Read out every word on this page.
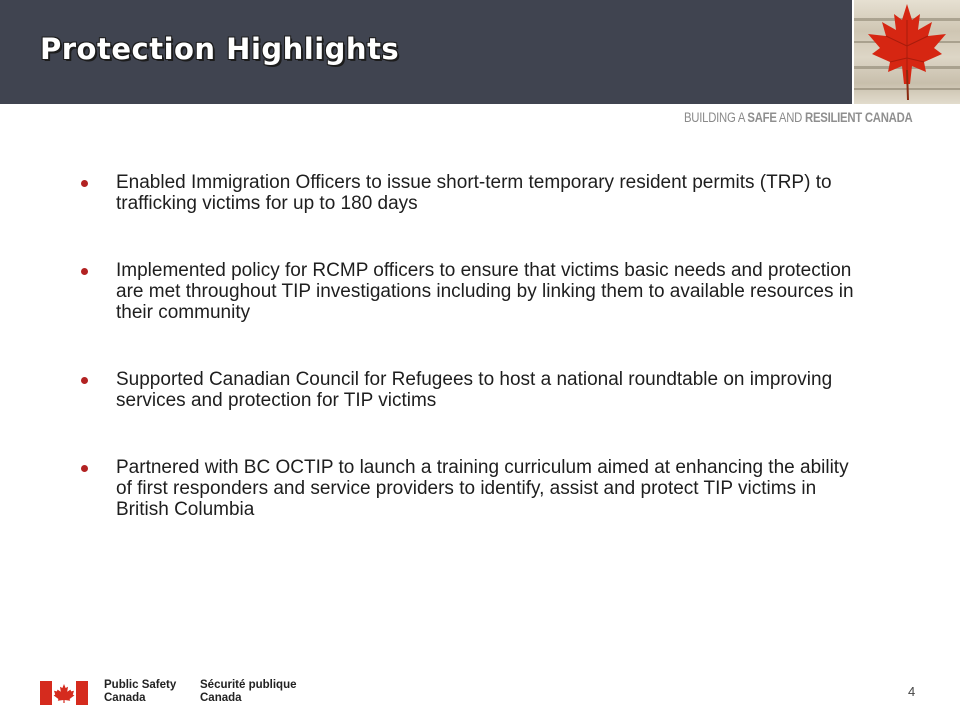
Protection Highlights
BUILDING A SAFE AND RESILIENT CANADA
Enabled Immigration Officers to issue short-term temporary resident permits (TRP) to trafficking victims for up to 180 days
Implemented policy for RCMP officers to ensure that victims basic needs and protection are met throughout TIP investigations including by linking them to available resources in their community
Supported Canadian Council for Refugees to host a national roundtable on improving services and protection for TIP victims
Partnered with BC OCTIP to launch a training curriculum aimed at enhancing the ability of first responders and service providers to identify, assist and protect TIP victims in British Columbia
Public Safety
Canada
Sécurité publique
Canada	4
